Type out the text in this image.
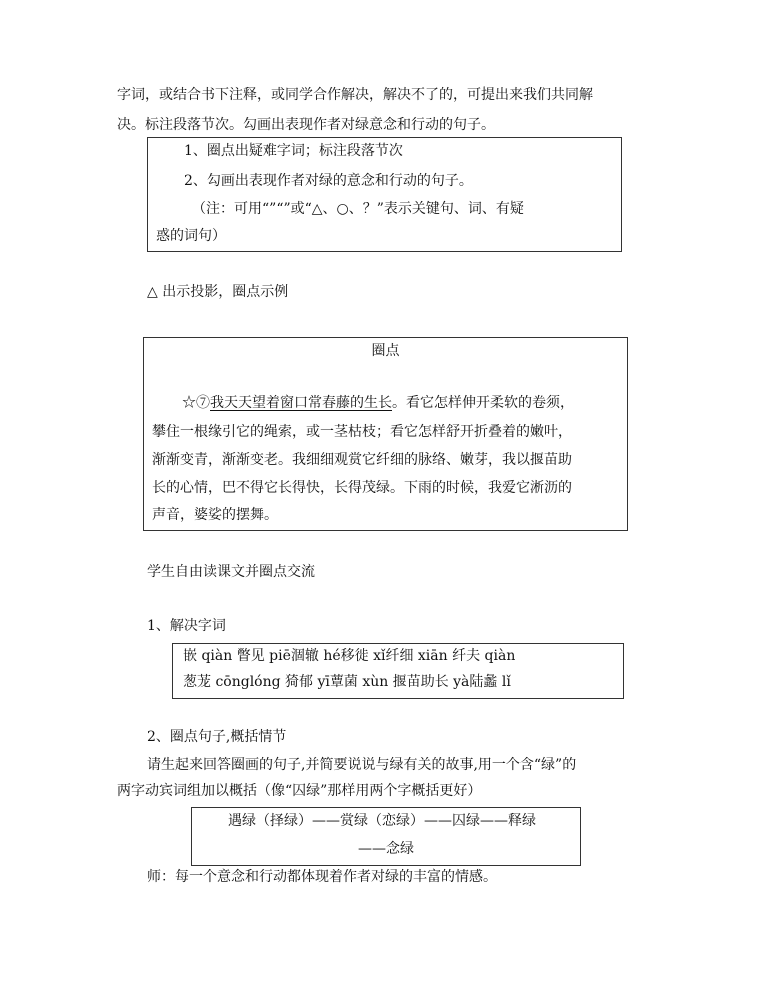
字词，或结合书下注释，或同学合作解决，解决不了的，可提出来我们共同解
决。标注段落节次。勾画出表现作者对绿意念和行动的句子。
1、圈点出疑难字词；标注段落节次
2、勾画出表现作者对绿的意念和行动的句子。
（注：可用“”“”或“△、○、？”表示关键句、词、有疑
惑的词句）
△ 出示投影，圈点示例
圈点
☆⑦我天天望着窗口常春藤的生长。看它怎样伸开柔软的卷须，
攀住一根缘引它的绳索，或一茎枯枝；看它怎样舒开折叠着的嫩叶，
渐渐变青，渐渐变老。我细细观赏它纤细的脉络、嫩芽，我以揠苗助
长的心情，巴不得它长得快，长得茂绿。下雨的时候，我爱它淅沥的
声音，婆娑的摆舞。
学生自由读课文并圈点交流
1、解决字词
嵌 qiàn 瞥见 piē涸辙 hé移徙 xǐ纤细 xiān 纤夫 qiàn
葱茏 cōnglóng 猗郁 yī蕈菌 xùn 揠苗助长 yà陆蠡 lǐ
2、圈点句子,概括情节
请生起来回答圈画的句子,并简要说说与绿有关的故事,用一个含“绿”的
两字动宾词组加以概括（像“囚绿”那样用两个字概括更好）
遇绿（择绿）——赏绿（恋绿）——囚绿——释绿
——念绿
师：每一个意念和行动都体现着作者对绿的丰富的情感。
